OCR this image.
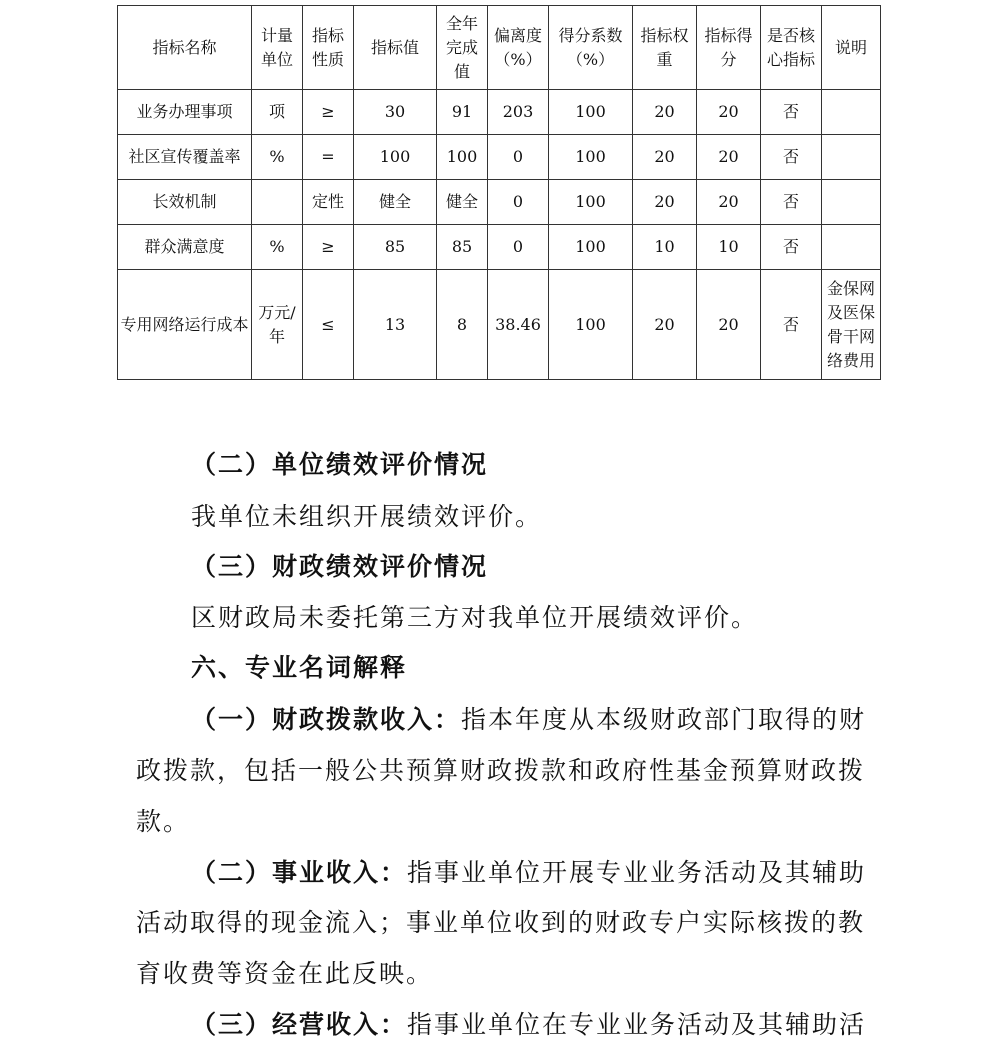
指标名称	计量单位	指标性质	指标值	全年完成值	偏离度（%）	得分系数（%）	指标权重	指标得分	是否核心指标	说明
业务办理事项	项	≥	30	91	203	100	20	20	否	
社区宣传覆盖率	%	=	100	100	0	100	20	20	否	
长效机制		定性	健全	健全	0	100	20	20	否	
群众满意度	%	≥	85	85	0	100	10	10	否	
专用网络运行成本	万元/年	≤	13	8	38.46	100	20	20	否	金保网及医保骨干网络费用
（二）单位绩效评价情况
我单位未组织开展绩效评价。
（三）财政绩效评价情况
区财政局未委托第三方对我单位开展绩效评价。
六、专业名词解释
（一）财政拨款收入：指本年度从本级财政部门取得的财
政拨款，包括一般公共预算财政拨款和政府性基金预算财政拨
款。
（二）事业收入：指事业单位开展专业业务活动及其辅助
活动取得的现金流入；事业单位收到的财政专户实际核拨的教
育收费等资金在此反映。
（三）经营收入：指事业单位在专业业务活动及其辅助活
